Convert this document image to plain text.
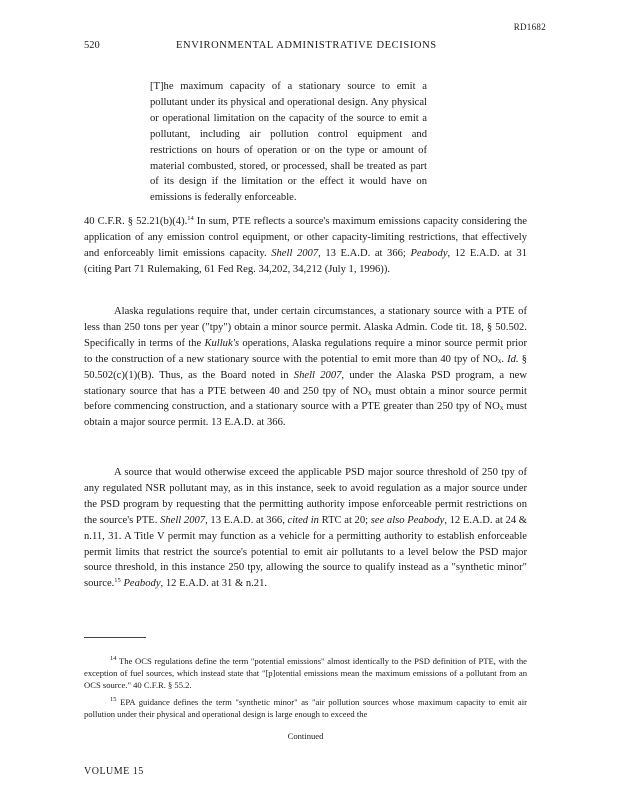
RD1682
520	ENVIRONMENTAL ADMINISTRATIVE DECISIONS

[T]he maximum capacity of a stationary source to emit a pollutant under its physical and operational design. Any physical or operational limitation on the capacity of the source to emit a pollutant, including air pollution control equipment and restrictions on hours of operation or on the type or amount of material combusted, stored, or processed, shall be treated as part of its design if the limitation or the effect it would have on emissions is federally enforceable.

40 C.F.R. § 52.21(b)(4).$^{14}$ In sum, PTE reflects a source's maximum emissions capacity considering the application of any emission control equipment, or other capacity-limiting restrictions, that effectively and enforceably limit emissions capacity. Shell 2007, 13 E.A.D. at 366; Peabody, 12 E.A.D. at 31 (citing Part 71 Rulemaking, 61 Fed Reg. 34,202, 34,212 (July 1, 1996)).

Alaska regulations require that, under certain circumstances, a stationary source with a PTE of less than 250 tons per year ("tpy") obtain a minor source permit. Alaska Admin. Code tit. 18, § 50.502. Specifically in terms of the Kulluk's operations, Alaska regulations require a minor source permit prior to the construction of a new stationary source with the potential to emit more than 40 tpy of $NO_x$. Id. § 50.502(c)(1)(B). Thus, as the Board noted in Shell 2007, under the Alaska PSD program, a new stationary source that has a PTE between 40 and 250 tpy of $NO_x$ must obtain a minor source permit before commencing construction, and a stationary source with a PTE greater than 250 tpy of $NO_x$ must obtain a major source permit. 13 E.A.D. at 366.

A source that would otherwise exceed the applicable PSD major source threshold of 250 tpy of any regulated NSR pollutant may, as in this instance, seek to avoid regulation as a major source under the PSD program by requesting that the permitting authority impose enforceable permit restrictions on the source's PTE. Shell 2007, 13 E.A.D. at 366, cited in RTC at 20; see also Peabody, 12 E.A.D. at 24 & n.11, 31. A Title V permit may function as a vehicle for a permitting authority to establish enforceable permit limits that restrict the source's potential to emit air pollutants to a level below the PSD major source threshold, in this instance 250 tpy, allowing the source to qualify instead as a "synthetic minor" source.$^{15}$ Peabody, 12 E.A.D. at 31 & n.21.

$^{14}$ The OCS regulations define the term "potential emissions" almost identically to the PSD definition of PTE, with the exception of fuel sources, which instead state that "[p]otential emissions mean the maximum emissions of a pollutant from an OCS source." 40 C.F.R. § 55.2.

$^{15}$ EPA guidance defines the term "synthetic minor" as "air pollution sources whose maximum capacity to emit air pollution under their physical and operational design is large enough to exceed the

Continued
VOLUME 15
